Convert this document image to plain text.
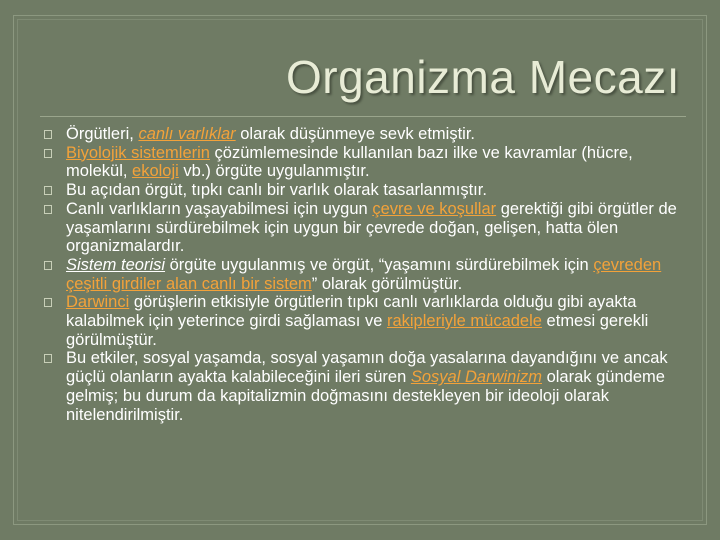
Organizma Mecazı

Örgütleri, canlı varlıklar olarak düşünmeye sevk etmiştir.

Biyolojik sistemlerin çözümlemesinde kullanılan bazı ilke ve kavramlar (hücre, molekül, ekoloji vb.) örgüte uygulanmıştır.

Bu açıdan örgüt, tıpkı canlı bir varlık olarak tasarlanmıştır.

Canlı varlıkların yaşayabilmesi için uygun çevre ve koşullar gerektiği gibi örgütler de yaşamlarını sürdürebilmek için uygun bir çevrede doğan, gelişen, hatta ölen organizmalardır.

Sistem teorisi örgüte uygulanmış ve örgüt, “yaşamını sürdürebilmek için çevreden çeşitli girdiler alan canlı bir sistem” olarak görülmüştür.

Darwinci görüşlerin etkisiyle örgütlerin tıpkı canlı varlıklarda olduğu gibi ayakta kalabilmek için yeterince girdi sağlaması ve rakipleriyle mücadele etmesi gerekli görülmüştür.

Bu etkiler, sosyal yaşamda, sosyal yaşamın doğa yasalarına dayandığını ve ancak güçlü olanların ayakta kalabileceğini ileri süren Sosyal Darwinizm olarak gündeme gelmiş; bu durum da kapitalizmin doğmasını destekleyen bir ideoloji olarak nitelendirilmiştir.
